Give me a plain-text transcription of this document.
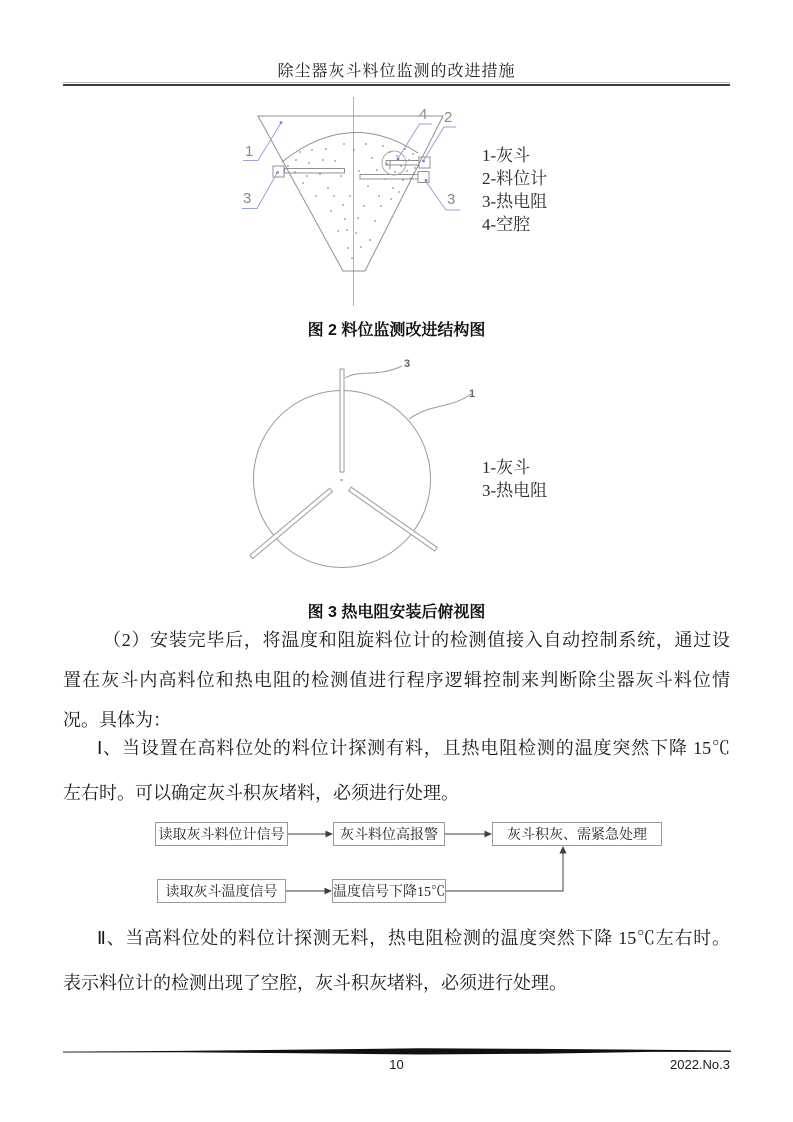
除尘器灰斗料位监测的改进措施
1
3
4 2
3
1-灰斗
2-料位计
3-热电阻
4-空腔
图 2 料位监测改进结构图
3
1
1-灰斗
3-热电阻
图 3 热电阻安装后俯视图
（2）安装完毕后，将温度和阻旋料位计的检测值接入自动控制系统，通过设
置在灰斗内高料位和热电阻的检测值进行程序逻辑控制来判断除尘器灰斗料位情
况。具体为：
Ⅰ、当设置在高料位处的料位计探测有料，且热电阻检测的温度突然下降 15℃
左右时。可以确定灰斗积灰堵料，必须进行处理。
读取灰斗料位计信号	灰斗料位高报警	灰斗积灰、需紧急处理
读取灰斗温度信号	温度信号下降15℃
Ⅱ、当高料位处的料位计探测无料，热电阻检测的温度突然下降 15℃左右时。
表示料位计的检测出现了空腔，灰斗积灰堵料，必须进行处理。
10	2022.No.3
